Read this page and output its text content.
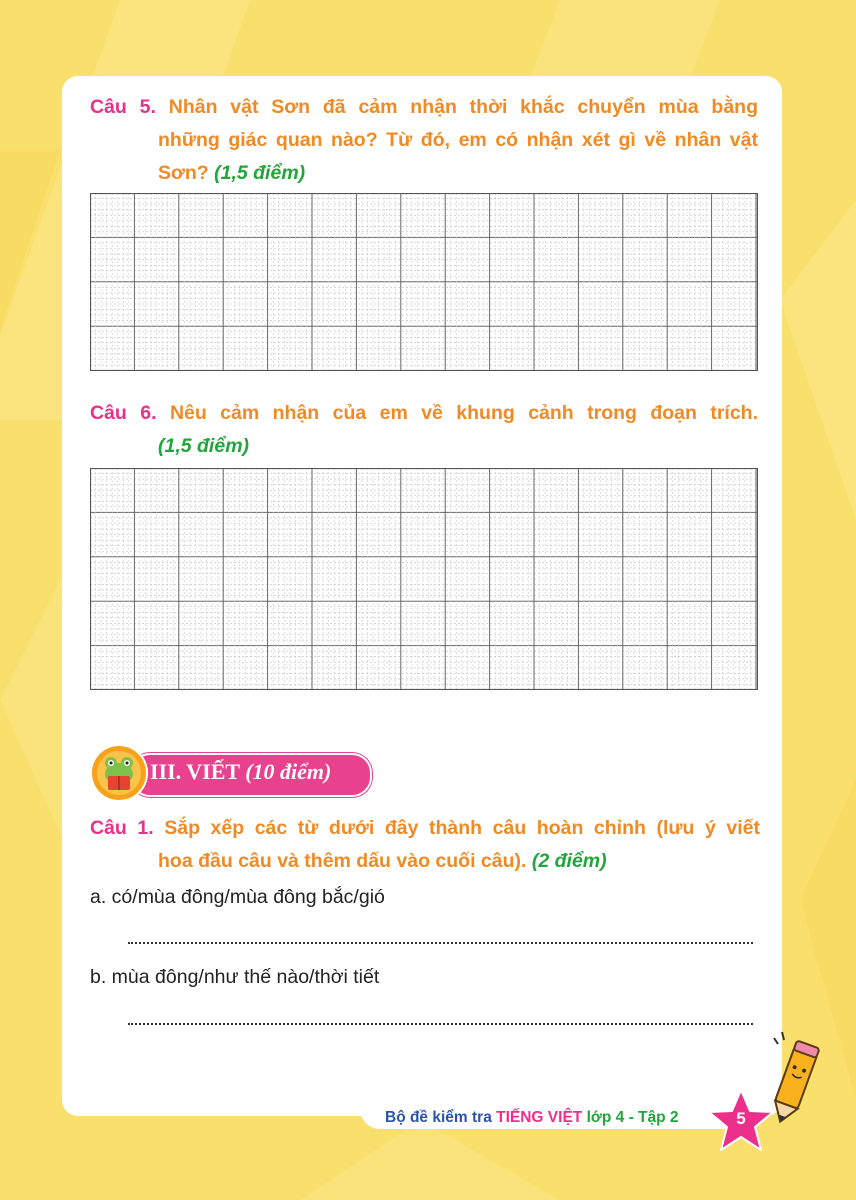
Câu 5. Nhân vật Sơn đã cảm nhận thời khắc chuyển mùa bằng
những giác quan nào? Từ đó, em có nhận xét gì về nhân vật
Sơn? (1,5 điểm)
Câu 6. Nêu cảm nhận của em về khung cảnh trong đoạn trích.
(1,5 điểm)
III. VIẾT (10 điểm)
Câu 1. Sắp xếp các từ dưới đây thành câu hoàn chỉnh (lưu ý viết
hoa đầu câu và thêm dấu vào cuối câu). (2 điểm)
a. có/mùa đông/mùa đông bắc/gió
b. mùa đông/như thế nào/thời tiết
Bộ đề kiểm tra TIẾNG VIỆT lớp 4 - Tập 2	5
